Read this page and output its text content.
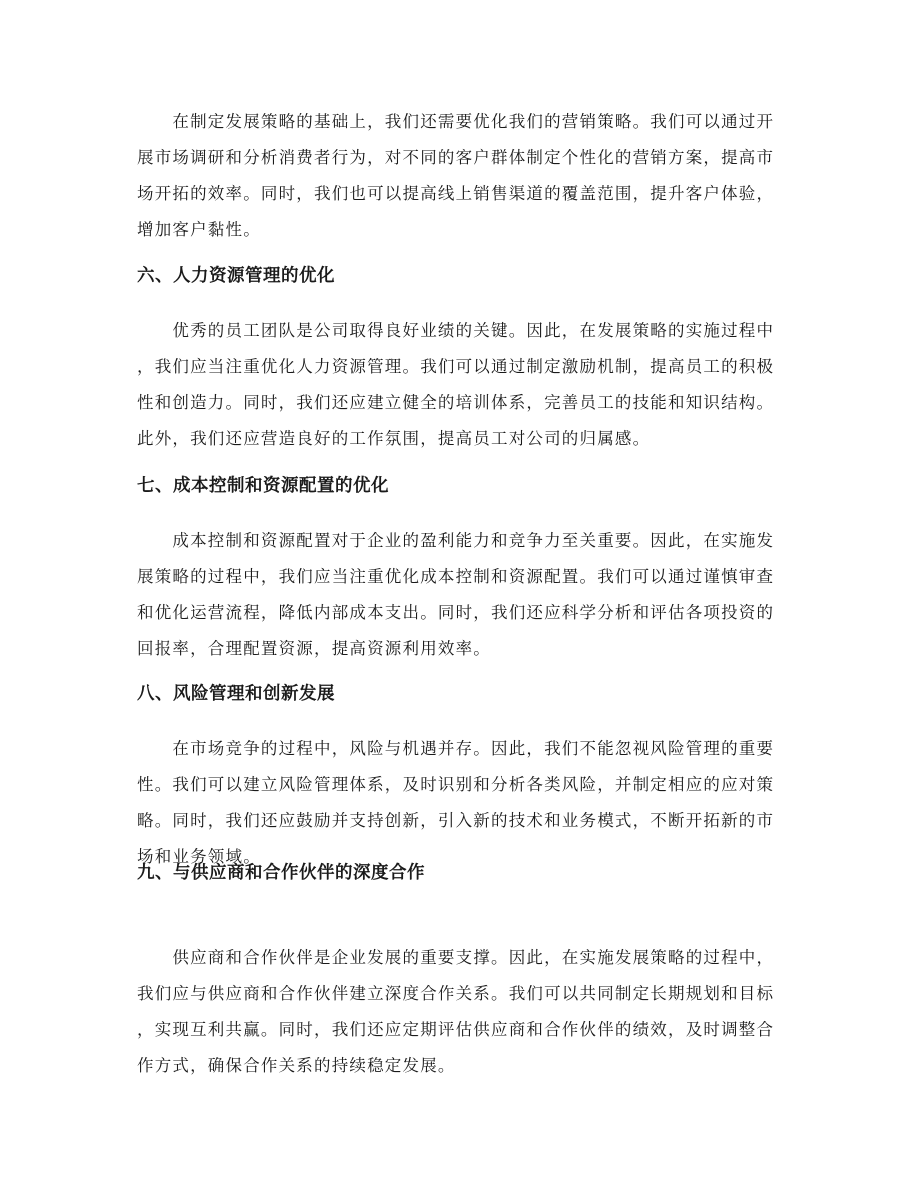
　　在制定发展策略的基础上，我们还需要优化我们的营销策略。我们可以通过开
展市场调研和分析消费者行为，对不同的客户群体制定个性化的营销方案，提高市
场开拓的效率。同时，我们也可以提高线上销售渠道的覆盖范围，提升客户体验，
增加客户黏性。

六、人力资源管理的优化

　　优秀的员工团队是公司取得良好业绩的关键。因此，在发展策略的实施过程中
，我们应当注重优化人力资源管理。我们可以通过制定激励机制，提高员工的积极
性和创造力。同时，我们还应建立健全的培训体系，完善员工的技能和知识结构。
此外，我们还应营造良好的工作氛围，提高员工对公司的归属感。

七、成本控制和资源配置的优化

　　成本控制和资源配置对于企业的盈利能力和竞争力至关重要。因此，在实施发
展策略的过程中，我们应当注重优化成本控制和资源配置。我们可以通过谨慎审查
和优化运营流程，降低内部成本支出。同时，我们还应科学分析和评估各项投资的
回报率，合理配置资源，提高资源利用效率。

八、风险管理和创新发展

　　在市场竞争的过程中，风险与机遇并存。因此，我们不能忽视风险管理的重要
性。我们可以建立风险管理体系，及时识别和分析各类风险，并制定相应的应对策
略。同时，我们还应鼓励并支持创新，引入新的技术和业务模式，不断开拓新的市
场和业务领域。

九、与供应商和合作伙伴的深度合作

　　供应商和合作伙伴是企业发展的重要支撑。因此，在实施发展策略的过程中，
我们应与供应商和合作伙伴建立深度合作关系。我们可以共同制定长期规划和目标
，实现互利共赢。同时，我们还应定期评估供应商和合作伙伴的绩效，及时调整合
作方式，确保合作关系的持续稳定发展。
